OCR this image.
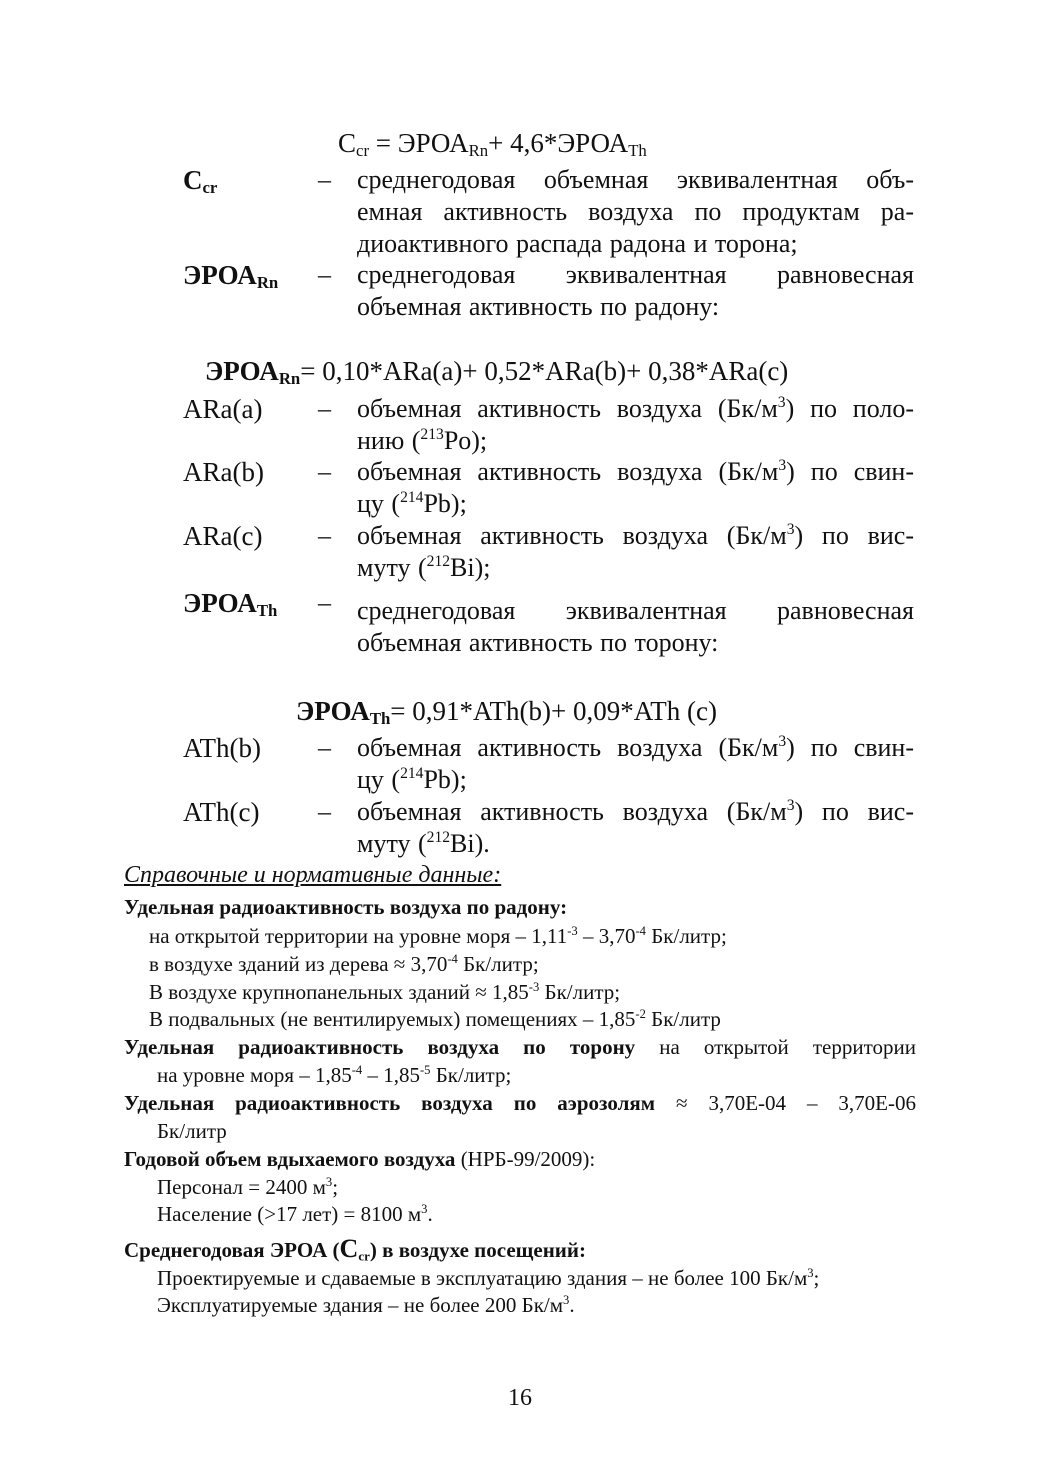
$C_{cr}$ = $ЭРОА_{Rn}+$ $4,6*ЭРОА_{Th}$
$C_{cr}$	– среднегодовая объемная эквивалентная объ-
емная активность воздуха по продуктам ра-
диоактивного распада радона и торона;
$ЭРОА_{Rn}$ – среднегодовая эквивалентная равновесная
объемная активность по радону:
$ЭРОА_{Rn}= 0,10*ARa(a)+ 0,52*ARa(b)+ 0,38*ARa(c)$
ARa(a) – объемная активность воздуха $(Бк/м^3)$ по поло-
нию ($^{213}$Po);
ARa(b) – объемная активность воздуха $(Бк/м^3)$ по свин-
цу ($^{214}$Pb);
ARa(c) – объемная активность воздуха $(Бк/м^3)$ по вис-
муту ($^{212}$Bi);
$ЭРОА_{Th}$ – среднегодовая эквивалентная равновесная
объемная активность по торону:
$ЭРОА_{Th}= 0,91*ATh(b)+ 0,09*ATh$ (c)
ATh(b) – объемная активность воздуха $(Бк/м^3)$ по свин-
цу ($^{214}$Pb);
ATh(c) – объемная активность воздуха $(Бк/м^3)$ по вис-
муту ($^{212}$Bi).
Справочные и нормативные данные:
Удельная радиоактивность воздуха по радону:
на открытой территории на уровне моря – $1,11^{-3} - 3,70^{-4}$ Бк/литр;
в воздухе зданий из дерева ≈ $3,70^{-4}$ Бк/литр;
В воздухе крупнопанельных зданий ≈ $1,85^{-3}$ Бк/литр;
В подвальных (не вентилируемых) помещениях – $1,85^{-2}$ Бк/литр
Удельная радиоактивность воздуха по торону на открытой территории
на уровне моря – $1,85^{-4} - 1,85^{-5}$ Бк/литр;
Удельная радиоактивность воздуха по аэрозолям ≈ 3,70E-04 – 3,70E-06
Бк/литр
Годовой объем вдыхаемого воздуха (НРБ-99/2009):
Персонал = 2400 $м^3$;
Население (>17 лет) = 8100 $м^3$.
Среднегодовая ЭРОА $(C_{cr})$ в воздухе посещений:
Проектируемые и сдаваемые в эксплуатацию здания – не более 100 $Бк/м^3$;
Эксплуатируемые здания – не более 200 $Бк/м^3$.
16
